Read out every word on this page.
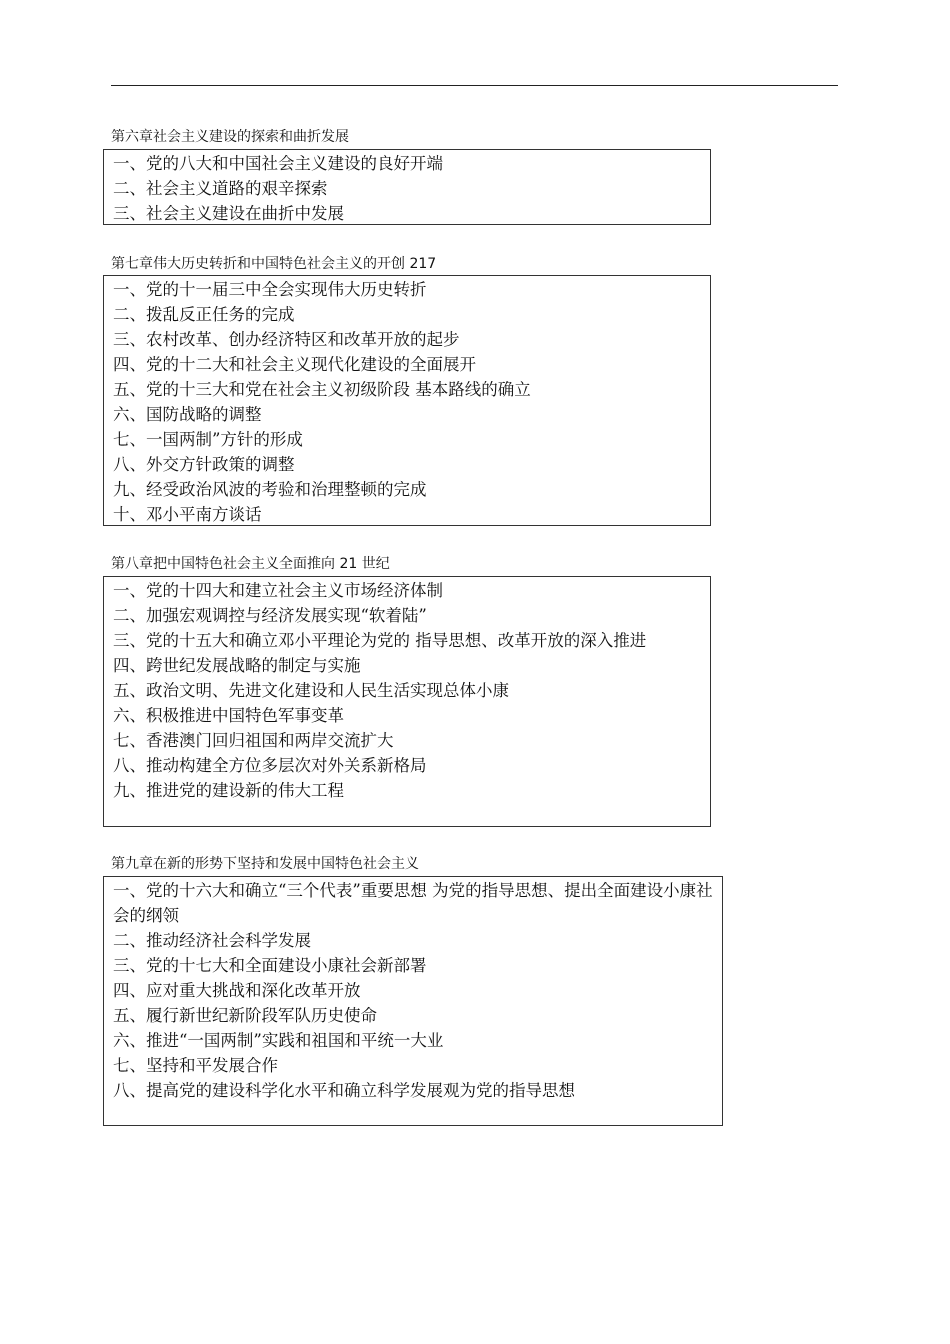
第六章社会主义建设的探索和曲折发展
一、党的八大和中国社会主义建设的良好开端
二、社会主义道路的艰辛探索
三、社会主义建设在曲折中发展
第七章伟大历史转折和中国特色社会主义的开创 217
一、党的十一届三中全会实现伟大历史转折
二、拨乱反正任务的完成
三、农村改革、创办经济特区和改革开放的起步
四、党的十二大和社会主义现代化建设的全面展开
五、党的十三大和党在社会主义初级阶段 基本路线的确立
六、国防战略的调整
七、一国两制”方针的形成
八、外交方针政策的调整
九、经受政治风波的考验和治理整顿的完成
十、邓小平南方谈话
第八章把中国特色社会主义全面推向 21 世纪
一、党的十四大和建立社会主义市场经济体制
二、加强宏观调控与经济发展实现“软着陆”
三、党的十五大和确立邓小平理论为党的 指导思想、改革开放的深入推进
四、跨世纪发展战略的制定与实施
五、政治文明、先进文化建设和人民生活实现总体小康
六、积极推进中国特色军事变革
七、香港澳门回归祖国和两岸交流扩大
八、推动构建全方位多层次对外关系新格局
九、推进党的建设新的伟大工程
第九章在新的形势下坚持和发展中国特色社会主义
一、党的十六大和确立“三个代表”重要思想 为党的指导思想、提出全面建设小康社会的纲领
二、推动经济社会科学发展
三、党的十七大和全面建设小康社会新部署
四、应对重大挑战和深化改革开放
五、履行新世纪新阶段军队历史使命
六、推进“一国两制”实践和祖国和平统一大业
七、坚持和平发展合作
八、提高党的建设科学化水平和确立科学发展观为党的指导思想
